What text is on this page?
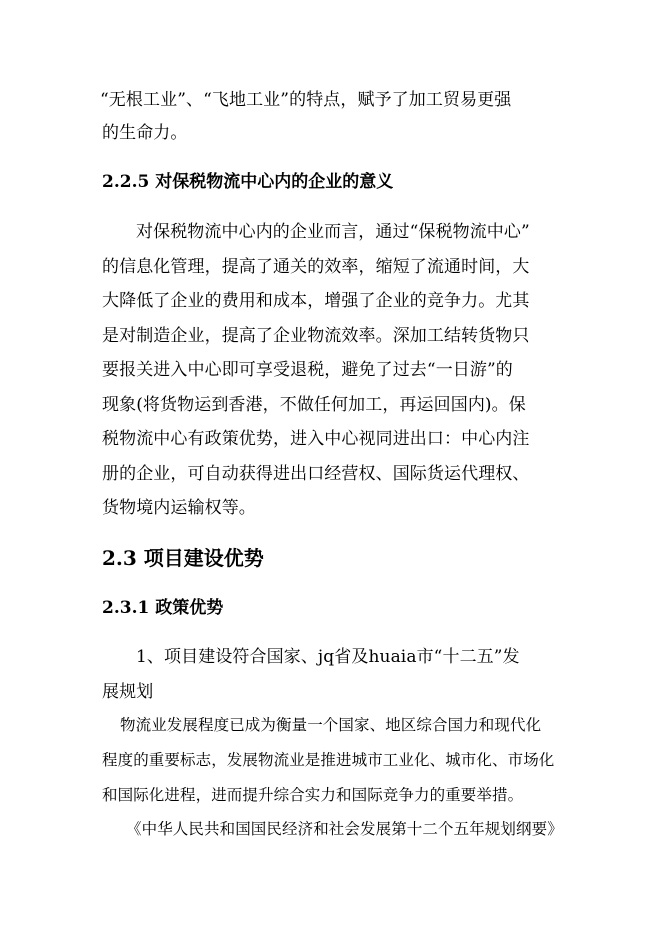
“无根工业”、“飞地工业”的特点，赋予了加工贸易更强
的生命力。
2.2.5 对保税物流中心内的企业的意义
对保税物流中心内的企业而言，通过“保税物流中心”
的信息化管理，提高了通关的效率，缩短了流通时间，大
大降低了企业的费用和成本，增强了企业的竞争力。尤其
是对制造企业，提高了企业物流效率。深加工结转货物只
要报关进入中心即可享受退税，避免了过去“一日游”的
现象(将货物运到香港，不做任何加工，再运回国内)。保
税物流中心有政策优势，进入中心视同进出口：中心内注
册的企业，可自动获得进出口经营权、国际货运代理权、
货物境内运输权等。
2.3 项目建设优势
2.3.1 政策优势
1、项目建设符合国家、jq省及huaia市“十二五”发
展规划
物流业发展程度已成为衡量一个国家、地区综合国力和现代化
程度的重要标志，发展物流业是推进城市工业化、城市化、市场化
和国际化进程，进而提升综合实力和国际竞争力的重要举措。
《中华人民共和国国民经济和社会发展第十二个五年规划纲要》
